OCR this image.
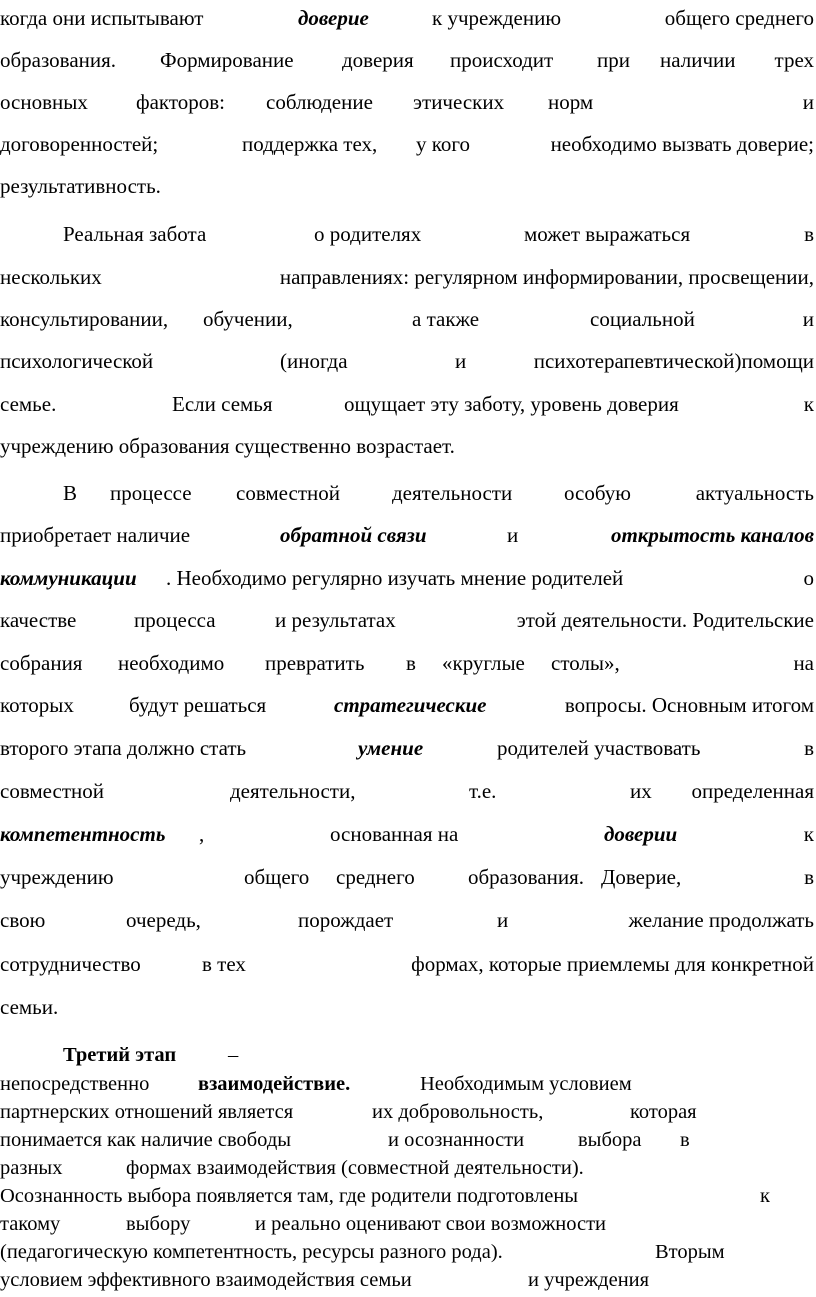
когда они испытывают	доверие	к учреждению	общего среднего
образования. Формирование доверия происходит при наличии трех
основных факторов: соблюдение этических норм	и
договоренностей;	поддержка тех, у кого	необходимо вызвать доверие;
результативность.
Реальная забота	о родителях	может выражаться	в
нескольких	направлениях: регулярном информировании, просвещении,
консультировании, обучении,	а также	социальной	и
психологической	(иногда	и	психотерапевтической)помощи
семье.	Если семья	ощущает эту заботу, уровень доверия	к
учреждению образования существенно возрастает.
В процессе совместной деятельности особую	актуальность
приобретает наличие	обратной связи	и	открытость каналов
коммуникации . Необходимо регулярно изучать мнение родителей	о
качестве	процесса	и результатах	этой деятельности. Родительские
собрания необходимо превратить в «круглые столы»,	на
которых	будут решаться	стратегические	вопросы. Основным итогом
второго этапа должно стать	умение	родителей участвовать	в
совместной	деятельности,	т.е.	их определенная
компетентность ,	основанная на	доверии	к
учреждению	общего среднего	образования. Доверие,	в
свою	очередь,	порождает	и	желание продолжать
сотрудничество	в тех	формах, которые приемлемы для конкретной
семьи.
Третий этап	–
непосредственно взаимодействие.	Необходимым условием
партнерских отношений является	их добровольность,	которая
понимается как наличие свободы	и осознанности	выбора в
разных	формах взаимодействия (совместной деятельности).
Осознанность выбора появляется там, где родители подготовлены	к
такому	выбору	и реально оценивают свои возможности
(педагогическую компетентность, ресурсы разного рода).	Вторым
условием эффективного взаимодействия семьи	и учреждения
